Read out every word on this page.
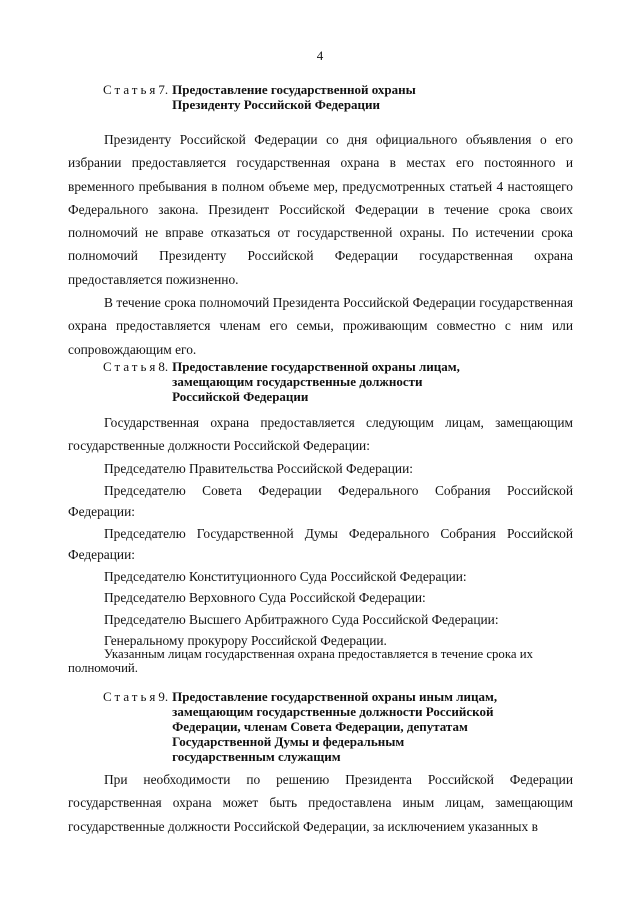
4
Статья 7. Предоставление государственной охраны
Президенту Российской Федерации

Президенту Российской Федерации со дня официального объявления о его избрании предоставляется государственная охрана в местах его постоянного и временного пребывания в полном объеме мер, предусмотренных статьей 4 настоящего Федерального закона. Президент Российской Федерации в течение срока своих полномочий не вправе отказаться от государственной охраны. По истечении срока полномочий Президенту Российской Федерации государственная охрана предоставляется пожизненно.

В течение срока полномочий Президента Российской Федерации государственная охрана предоставляется членам его семьи, проживающим совместно с ним или сопровождающим его.

Статья 8. Предоставление государственной охраны лицам,
замещающим государственные должности
Российской Федерации

Государственная охрана предоставляется следующим лицам, замещающим государственные должности Российской Федерации:

Председателю Правительства Российской Федерации:

Председателю Совета Федерации Федерального Собрания Российской Федерации:

Председателю Государственной Думы Федерального Собрания Российской Федерации:

Председателю Конституционного Суда Российской Федерации:

Председателю Верховного Суда Российской Федерации:

Председателю Высшего Арбитражного Суда Российской Федерации:

Генеральному прокурору Российской Федерации.

Указанным лицам государственная охрана предоставляется в течение срока их полномочий.

Статья 9. Предоставление государственной охраны иным лицам,
замещающим государственные должности Российской
Федерации, членам Совета Федерации, депутатам
Государственной Думы и федеральным
государственным служащим

При необходимости по решению Президента Российской Федерации государственная охрана может быть предоставлена иным лицам, замещающим государственные должности Российской Федерации, за исключением указанных в
